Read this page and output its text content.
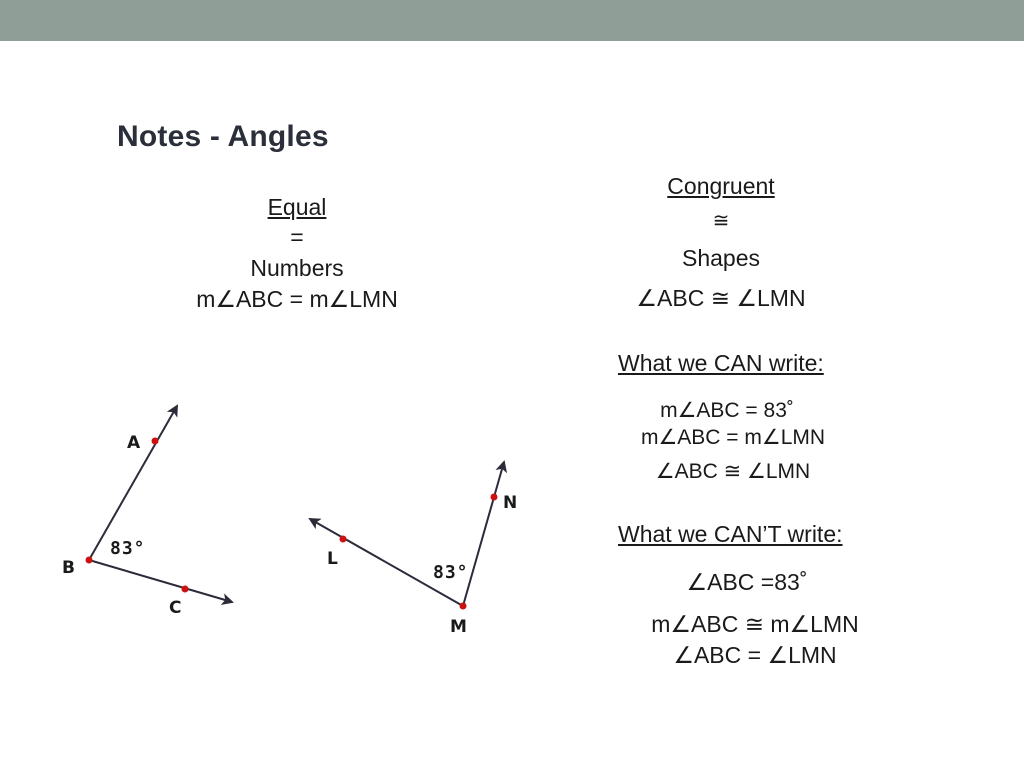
Notes - Angles
Equal
=
Numbers
m∠ABC = m∠LMN
Congruent
≅
Shapes
∠ABC ≅ ∠LMN
What we CAN write:
m∠ABC = 83˚
m∠ABC = m∠LMN
∠ABC ≅ ∠LMN
What we CAN’T write:
∠ABC =83˚
m∠ABC ≅ m∠LMN
∠ABC = ∠LMN
A
B
C
83°	L
M
N
83°
